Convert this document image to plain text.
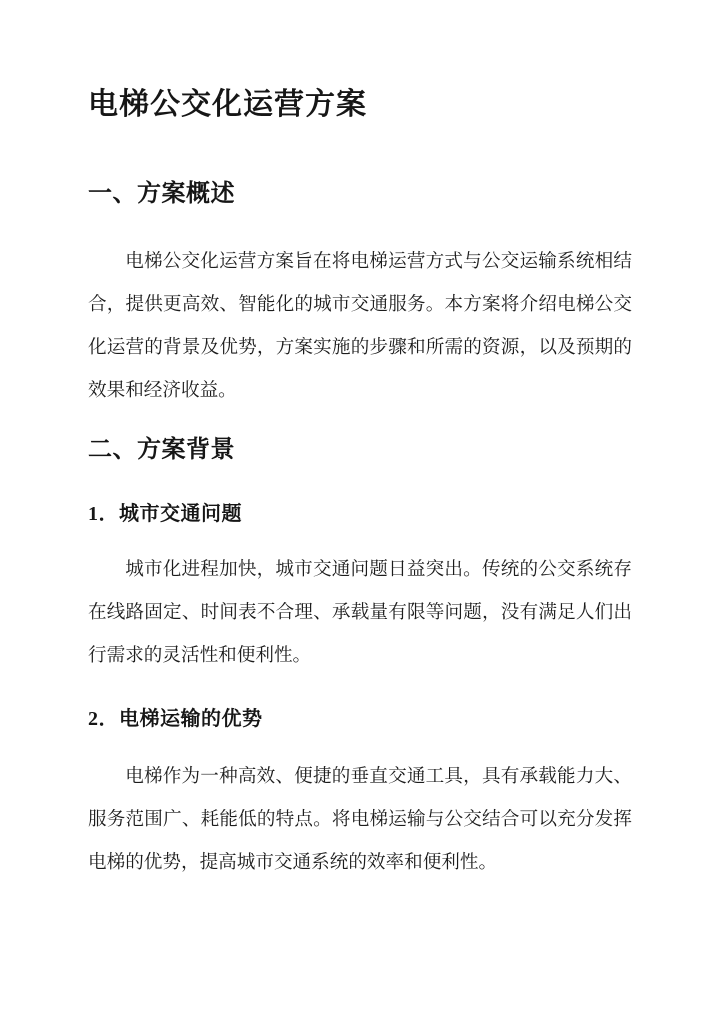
电梯公交化运营方案
一、方案概述

电梯公交化运营方案旨在将电梯运营方式与公交运输系统相结合，提供更高效、智能化的城市交通服务。本方案将介绍电梯公交化运营的背景及优势，方案实施的步骤和所需的资源，以及预期的效果和经济收益。

二、方案背景
1．城市交通问题

城市化进程加快，城市交通问题日益突出。传统的公交系统存在线路固定、时间表不合理、承载量有限等问题，没有满足人们出行需求的灵活性和便利性。

2．电梯运输的优势

电梯作为一种高效、便捷的垂直交通工具，具有承载能力大、服务范围广、耗能低的特点。将电梯运输与公交结合可以充分发挥电梯的优势，提高城市交通系统的效率和便利性。
